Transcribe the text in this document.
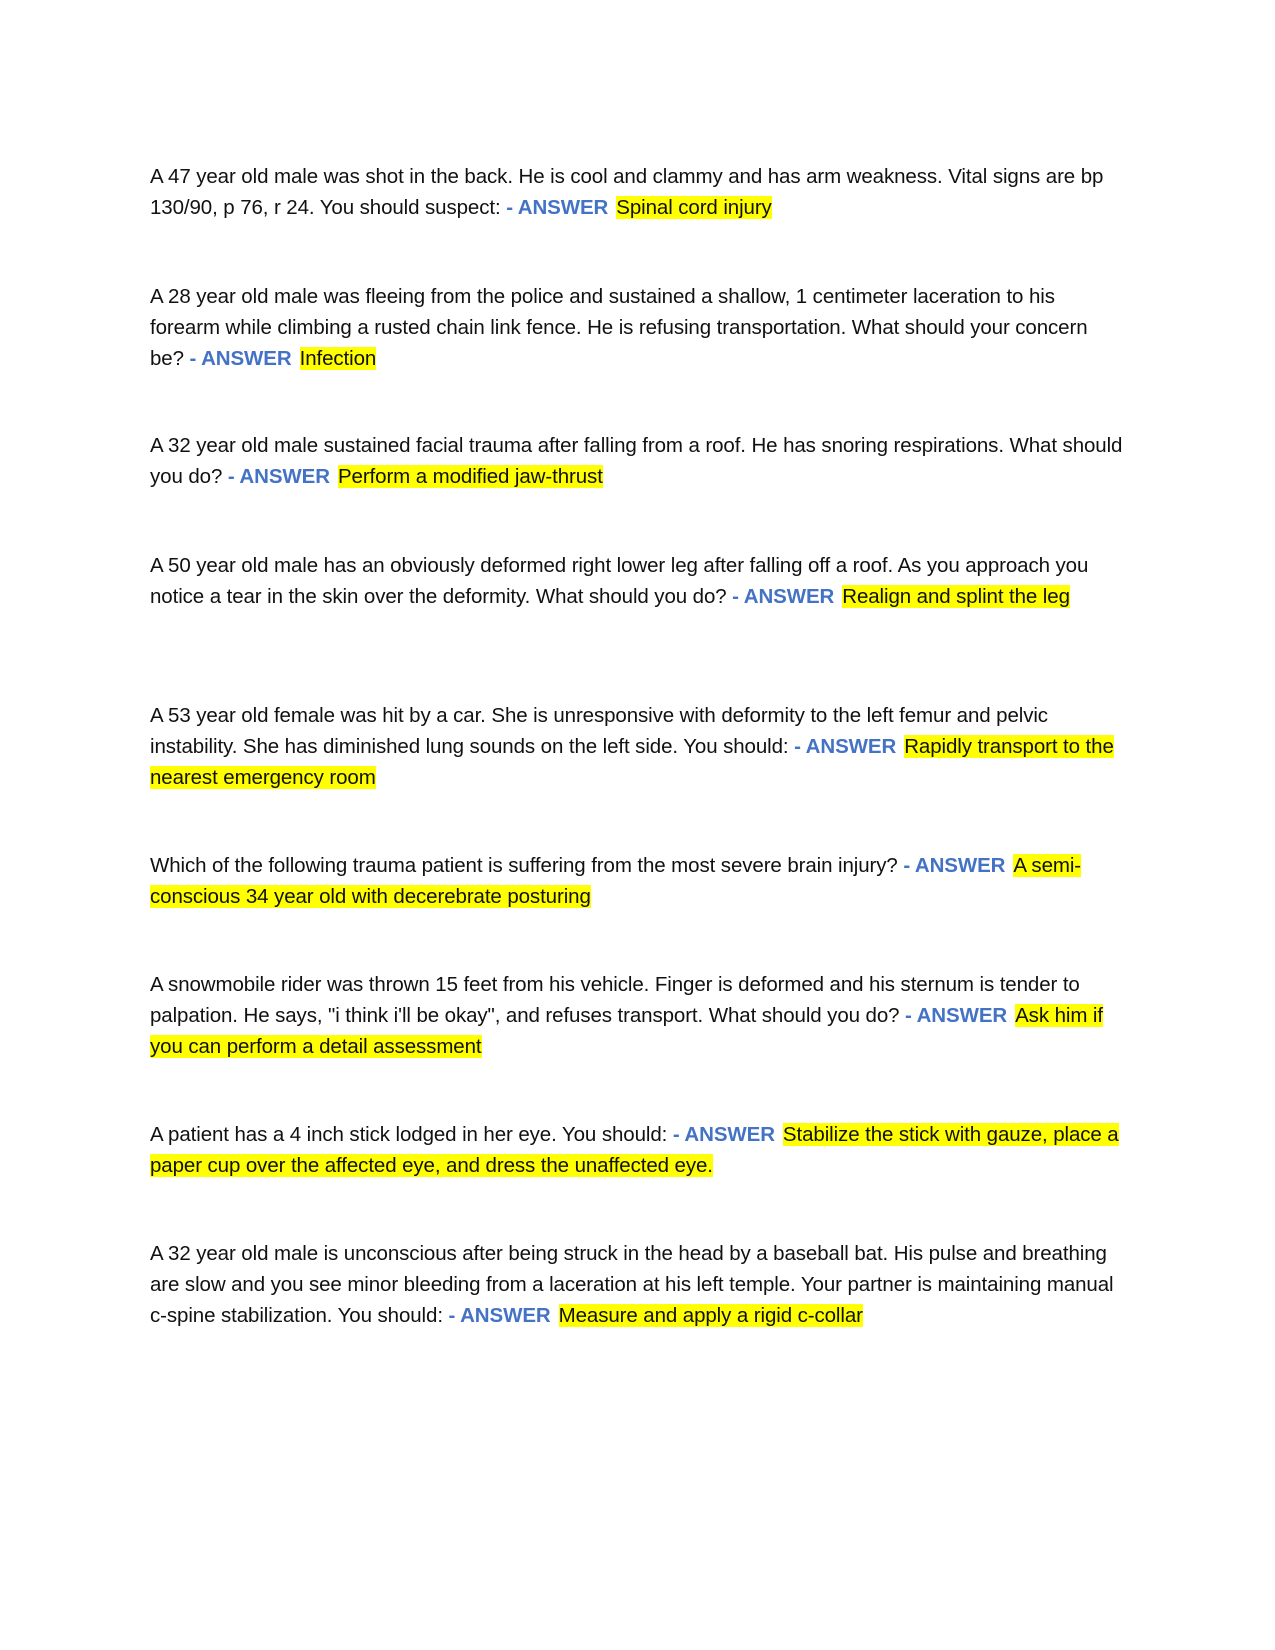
A 47 year old male was shot in the back. He is cool and clammy and has arm weakness. Vital signs are bp 130/90, p 76, r 24. You should suspect: - ANSWER Spinal cord injury

A 28 year old male was fleeing from the police and sustained a shallow, 1 centimeter laceration to his forearm while climbing a rusted chain link fence. He is refusing transportation. What should your concern be? - ANSWER Infection

A 32 year old male sustained facial trauma after falling from a roof. He has snoring respirations. What should you do? - ANSWER Perform a modified jaw-thrust

A 50 year old male has an obviously deformed right lower leg after falling off a roof. As you approach you notice a tear in the skin over the deformity. What should you do? - ANSWER Realign and splint the leg

A 53 year old female was hit by a car. She is unresponsive with deformity to the left femur and pelvic instability. She has diminished lung sounds on the left side. You should: - ANSWER Rapidly transport to the nearest emergency room

Which of the following trauma patient is suffering from the most severe brain injury? - ANSWER A semi-conscious 34 year old with decerebrate posturing

A snowmobile rider was thrown 15 feet from his vehicle. Finger is deformed and his sternum is tender to palpation. He says, "i think i'll be okay", and refuses transport. What should you do? - ANSWER Ask him if you can perform a detail assessment

A patient has a 4 inch stick lodged in her eye. You should: - ANSWER Stabilize the stick with gauze, place a paper cup over the affected eye, and dress the unaffected eye.

A 32 year old male is unconscious after being struck in the head by a baseball bat. His pulse and breathing are slow and you see minor bleeding from a laceration at his left temple. Your partner is maintaining manual c-spine stabilization. You should: - ANSWER Measure and apply a rigid c-collar
